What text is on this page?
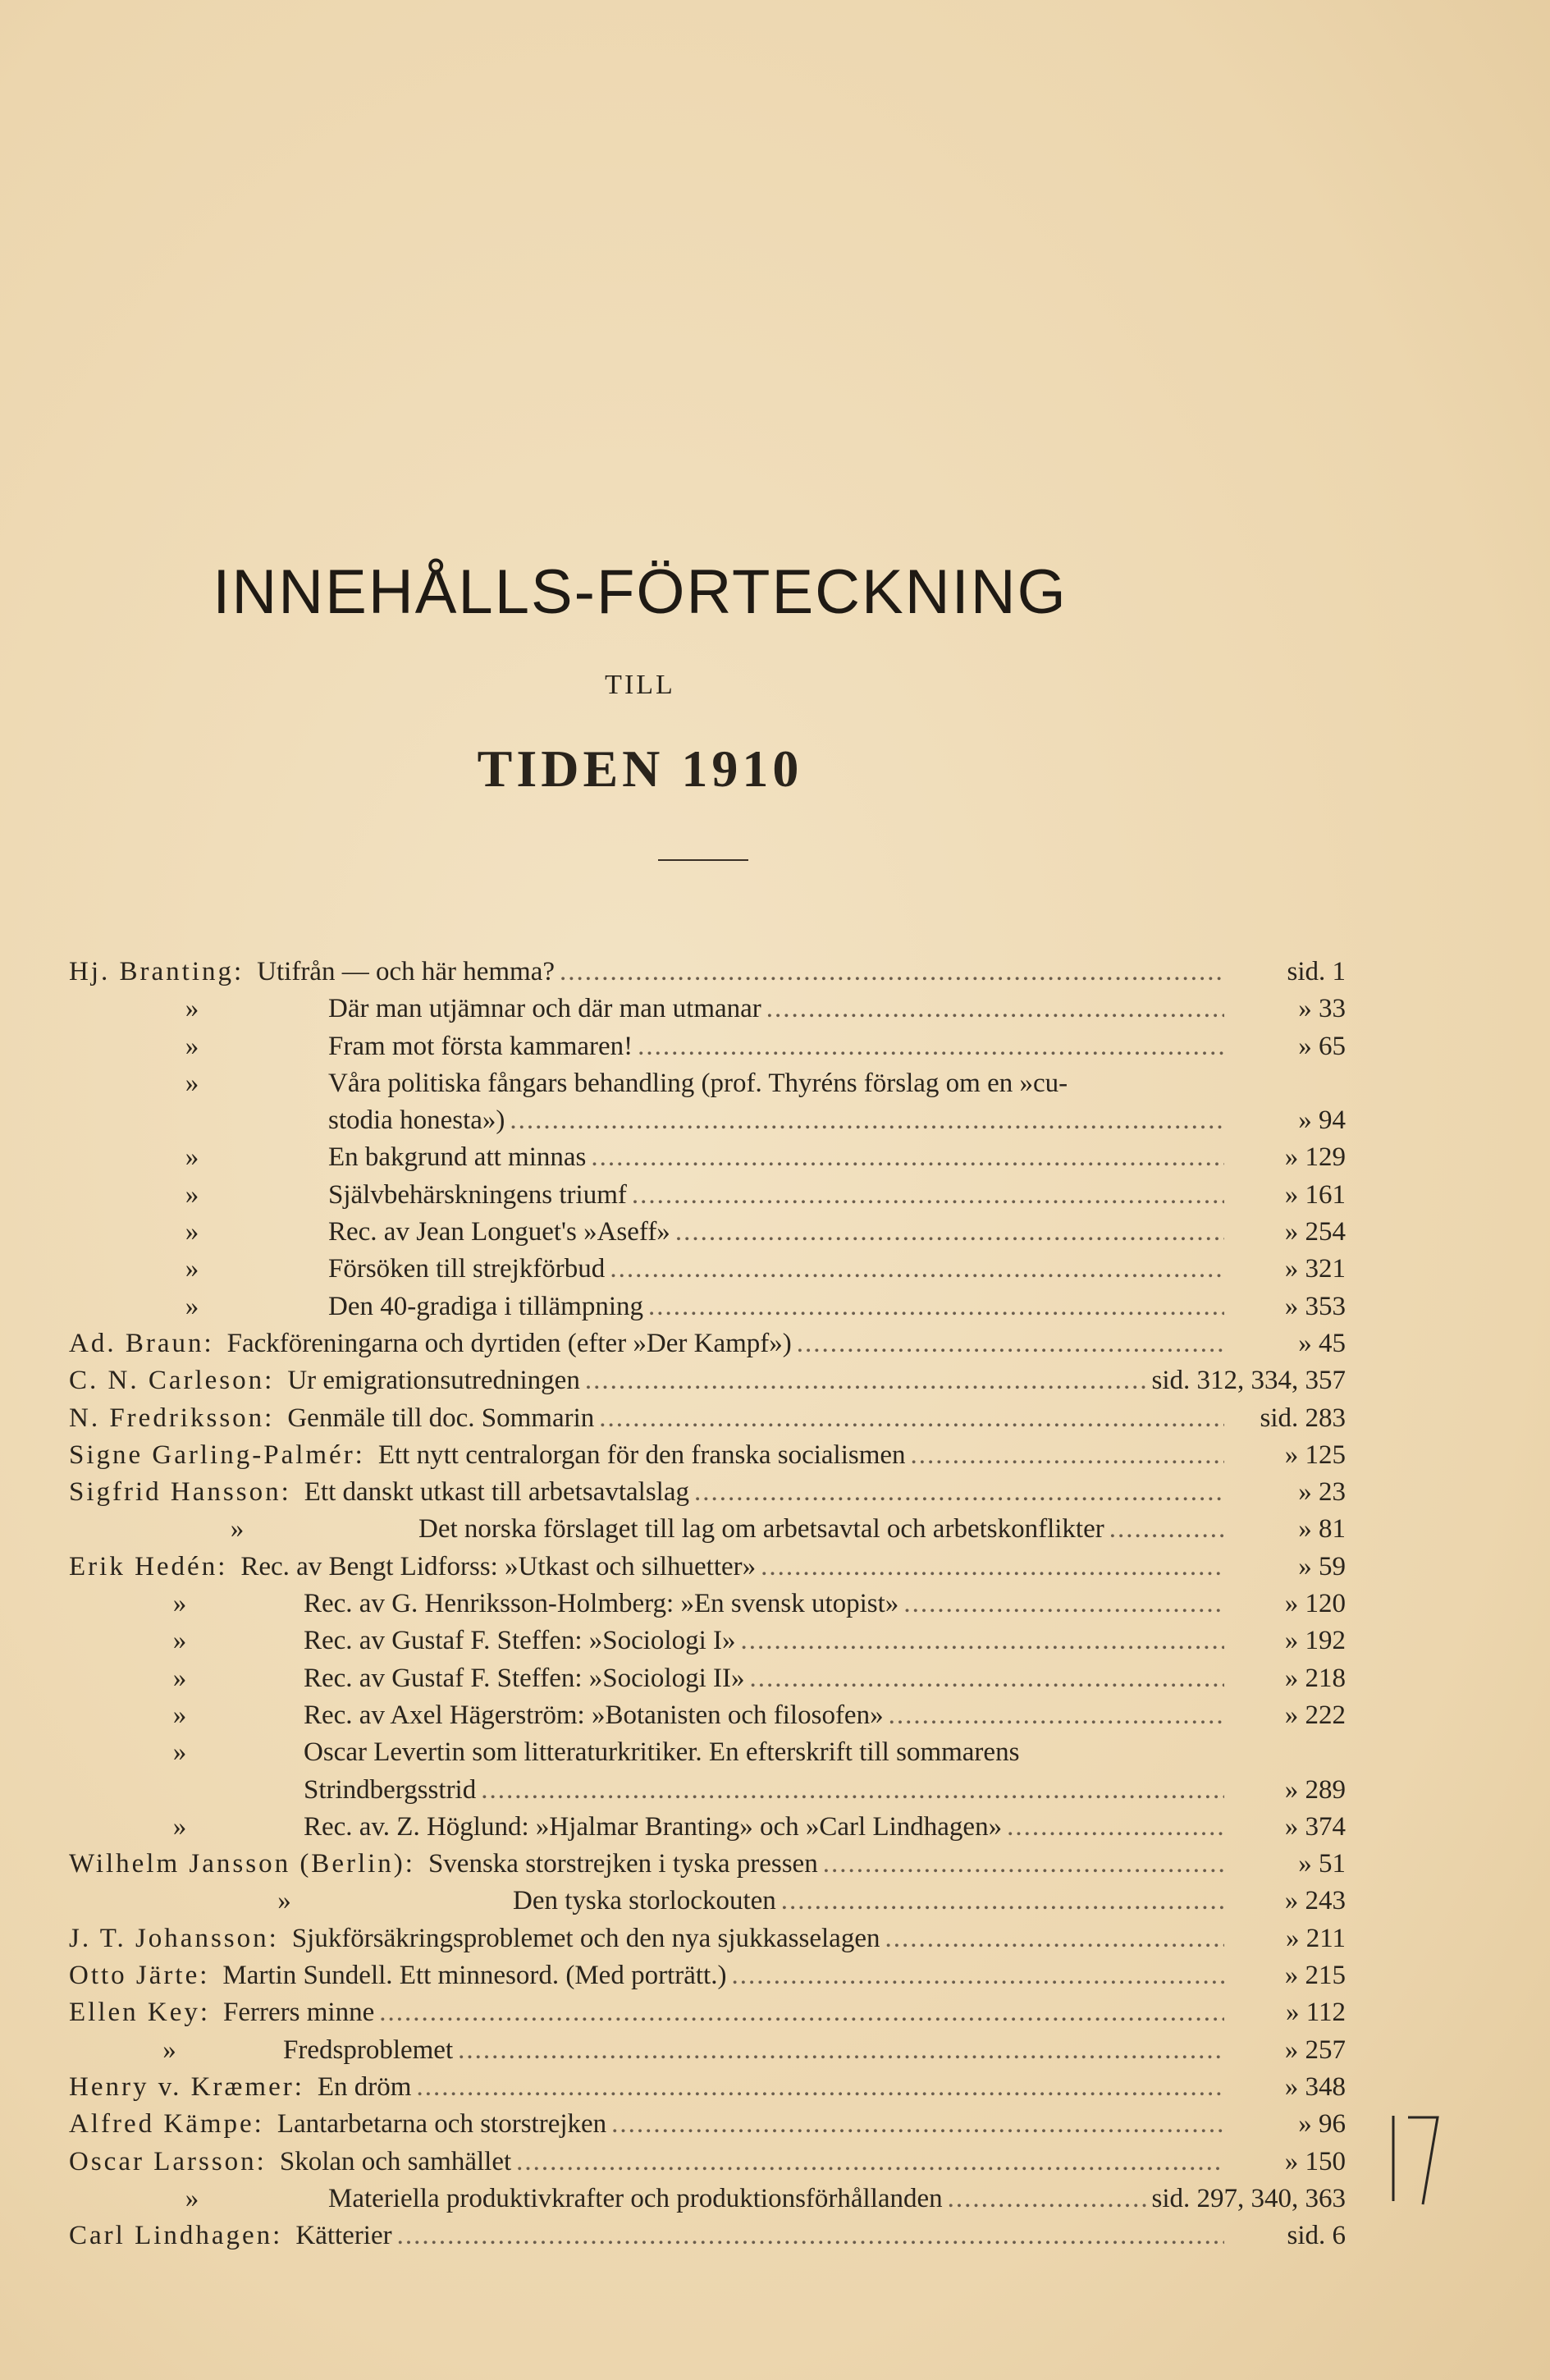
INNEHÅLLS-FÖRTECKNING
TILL
TIDEN 1910
Hj. Branting: Utifrån — och här hemma? .....	sid. 1
»	Där man utjämnar och där man utmanar .....	» 33
»	Fram mot första kammaren! .....	» 65
»	Våra politiska fångars behandling (prof. Thyréns förslag om en »cu-
stodia honesta») .....	» 94
»	En bakgrund att minnas .....	» 129
»	Självbehärskningens triumf .....	» 161
»	Rec. av Jean Longuet's »Aseff» .....	» 254
»	Försöken till strejkförbud .....	» 321
»	Den 40-gradiga i tillämpning .....	» 353
Ad. Braun: Fackföreningarna och dyrtiden (efter »Der Kampf») .....	» 45
C. N. Carleson: Ur emigrationsutredningen .....	sid. 312, 334, 357
N. Fredriksson: Genmäle till doc. Sommarin .....	sid. 283
Signe Garling-Palmér: Ett nytt centralorgan för den franska socialismen .....	» 125
Sigfrid Hansson: Ett danskt utkast till arbetsavtalslag .....	» 23
»	Det norska förslaget till lag om arbetsavtal och arbetskonflikter .....	» 81
Erik Hedén: Rec. av Bengt Lidforss: »Utkast och silhuetter» .....	» 59
»	Rec. av G. Henriksson-Holmberg: »En svensk utopist» .....	» 120
»	Rec. av Gustaf F. Steffen: »Sociologi I» .....	» 192
»	Rec. av Gustaf F. Steffen: »Sociologi II» .....	» 218
»	Rec. av Axel Hägerström: »Botanisten och filosofen» .....	» 222
»	Oscar Levertin som litteraturkritiker. En efterskrift till sommarens
Strindbergsstrid .....	» 289
»	Rec. av. Z. Höglund: »Hjalmar Branting» och »Carl Lindhagen» .....	» 374
Wilhelm Jansson (Berlin): Svenska storstrejken i tyska pressen .....	» 51
»	Den tyska storlockouten .....	» 243
J. T. Johansson: Sjukförsäkringsproblemet och den nya sjukkasselagen .....	» 211
Otto Järte: Martin Sundell. Ett minnesord. (Med porträtt.) .....	» 215
Ellen Key: Ferrers minne .....	» 112
»	Fredsproblemet .....	» 257
Henry v. Kræmer: En dröm .....	» 348
Alfred Kämpe: Lantarbetarna och storstrejken .....	» 96
Oscar Larsson: Skolan och samhället .....	» 150
»	Materiella produktivkrafter och produktionsförhållanden .....	sid. 297, 340, 363
Carl Lindhagen: Kätterier .....	sid. 6
